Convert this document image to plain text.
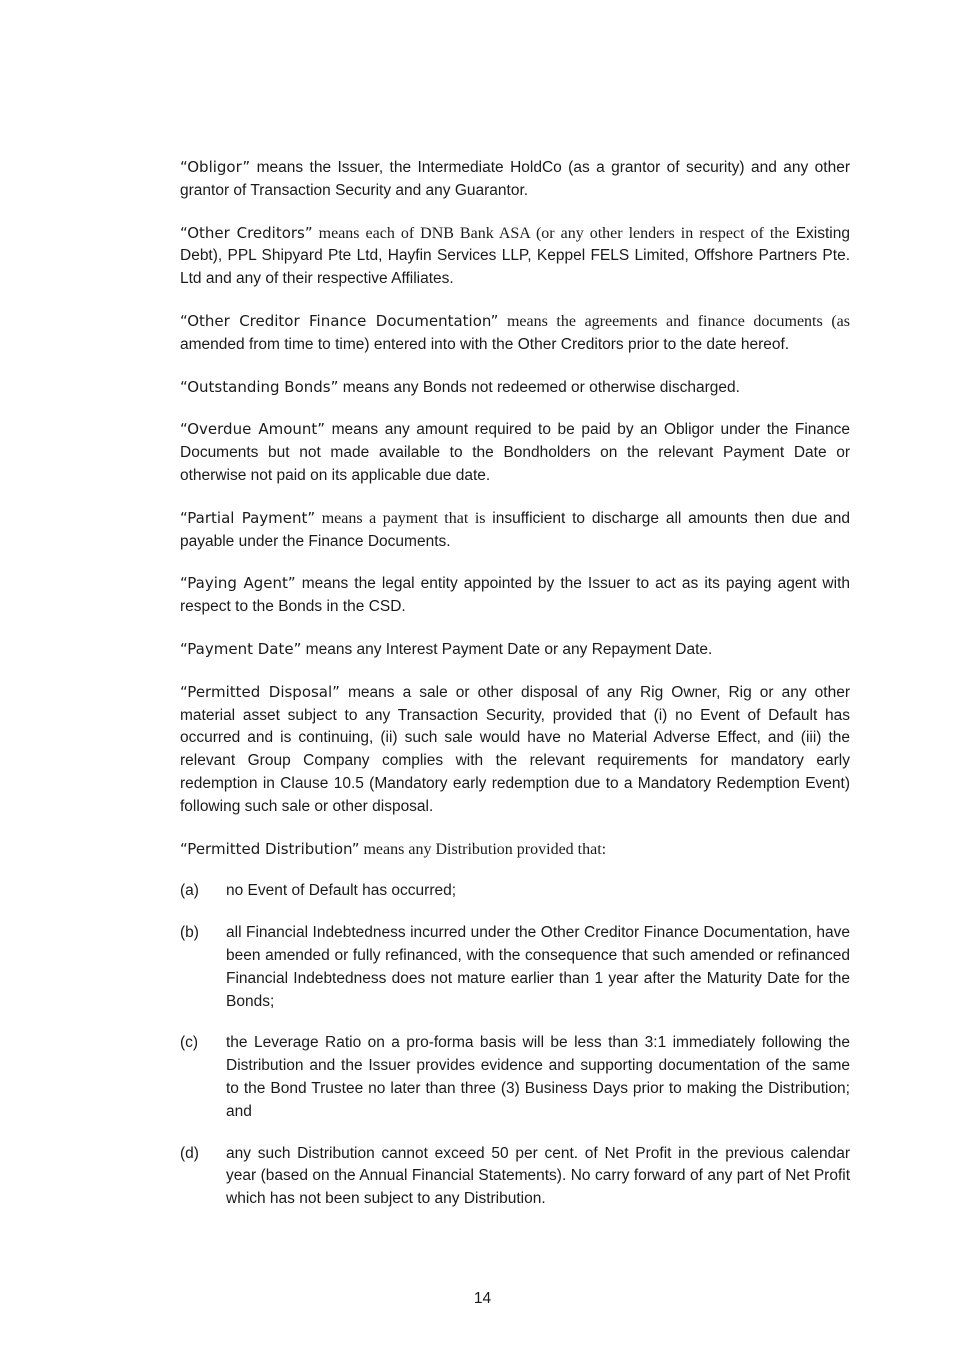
“Obligor” means the Issuer, the Intermediate HoldCo (as a grantor of security) and any other grantor of Transaction Security and any Guarantor.

“Other Creditors” means each of DNB Bank ASA (or any other lenders in respect of the Existing Debt), PPL Shipyard Pte Ltd, Hayfin Services LLP, Keppel FELS Limited, Offshore Partners Pte. Ltd and any of their respective Affiliates.

“Other Creditor Finance Documentation” means the agreements and finance documents (as amended from time to time) entered into with the Other Creditors prior to the date hereof.

“Outstanding Bonds” means any Bonds not redeemed or otherwise discharged.

“Overdue Amount” means any amount required to be paid by an Obligor under the Finance Documents but not made available to the Bondholders on the relevant Payment Date or otherwise not paid on its applicable due date.

“Partial Payment” means a payment that is insufficient to discharge all amounts then due and payable under the Finance Documents.

“Paying Agent” means the legal entity appointed by the Issuer to act as its paying agent with respect to the Bonds in the CSD.

“Payment Date” means any Interest Payment Date or any Repayment Date.

“Permitted Disposal” means a sale or other disposal of any Rig Owner, Rig or any other material asset subject to any Transaction Security, provided that (i) no Event of Default has occurred and is continuing, (ii) such sale would have no Material Adverse Effect, and (iii) the relevant Group Company complies with the relevant requirements for mandatory early redemption in Clause 10.5 (Mandatory early redemption due to a Mandatory Redemption Event) following such sale or other disposal.

“Permitted Distribution” means any Distribution provided that:

(a)	no Event of Default has occurred;
(b)	all Financial Indebtedness incurred under the Other Creditor Finance Documentation, have been amended or fully refinanced, with the consequence that such amended or refinanced Financial Indebtedness does not mature earlier than 1 year after the Maturity Date for the Bonds;
(c)	the Leverage Ratio on a pro-forma basis will be less than 3:1 immediately following the Distribution and the Issuer provides evidence and supporting documentation of the same to the Bond Trustee no later than three (3) Business Days prior to making the Distribution; and
(d)	any such Distribution cannot exceed 50 per cent. of Net Profit in the previous calendar year (based on the Annual Financial Statements). No carry forward of any part of Net Profit which has not been subject to any Distribution.
14
